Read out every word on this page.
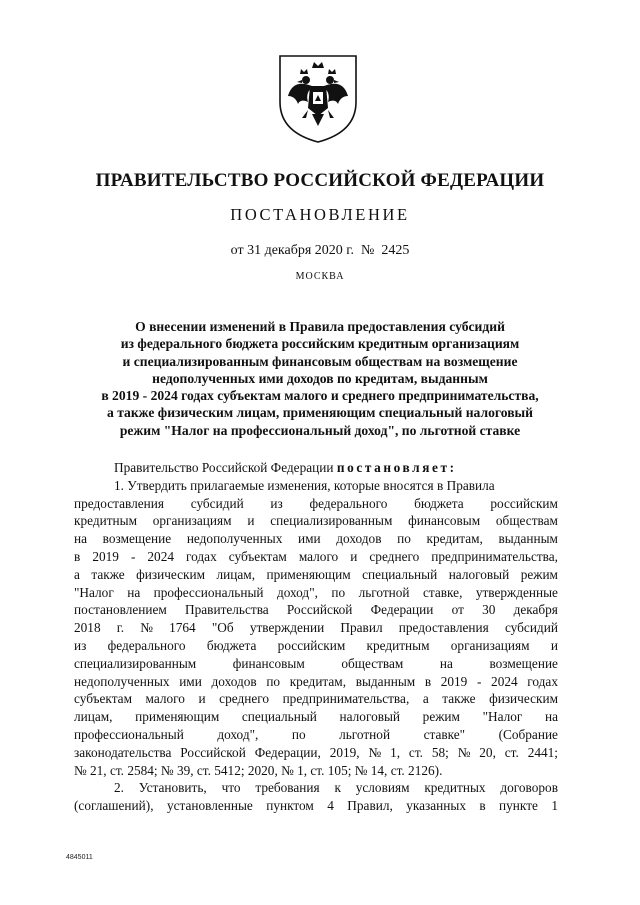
ПРАВИТЕЛЬСТВО РОССИЙСКОЙ ФЕДЕРАЦИИ
ПОСТАНОВЛЕНИЕ
от 31 декабря 2020 г.  №  2425
МОСКВА
О внесении изменений в Правила предоставления субсидий
из федерального бюджета российским кредитным организациям
и специализированным финансовым обществам на возмещение
недополученных ими доходов по кредитам, выданным
в 2019 - 2024 годах субъектам малого и среднего предпринимательства,
а также физическим лицам, применяющим специальный налоговый
режим "Налог на профессиональный доход", по льготной ставке
Правительство Российской Федерации
постановляет:
1. Утвердить прилагаемые изменения, которые вносятся в Правила
предоставления субсидий из федерального бюджета российским
кредитным организациям и специализированным финансовым обществам
на возмещение недополученных ими доходов по кредитам, выданным
в 2019 - 2024 годах субъектам малого и среднего предпринимательства,
а также физическим лицам, применяющим специальный налоговый режим
"Налог на профессиональный доход", по льготной ставке, утвержденные
постановлением Правительства Российской Федерации от 30 декабря
2018 г. № 1764 "Об утверждении Правил предоставления субсидий
из федерального бюджета российским кредитным организациям и
специализированным	финансовым	обществам	на	возмещение
недополученных ими доходов по кредитам, выданным в 2019 - 2024 годах
субъектам малого и среднего предпринимательства, а также физическим
лицам, применяющим специальный налоговый режим "Налог на
профессиональный	доход",	по	льготной	ставке"	(Собрание
законодательства Российской Федерации, 2019, № 1, ст. 58; № 20, ст. 2441;
№ 21, ст. 2584; № 39, ст. 5412; 2020, № 1, ст. 105; № 14, ст. 2126).
2. Установить, что требования к условиям кредитных договоров
(соглашений), установленные пунктом 4 Правил, указанных в пункте 1
4845011
